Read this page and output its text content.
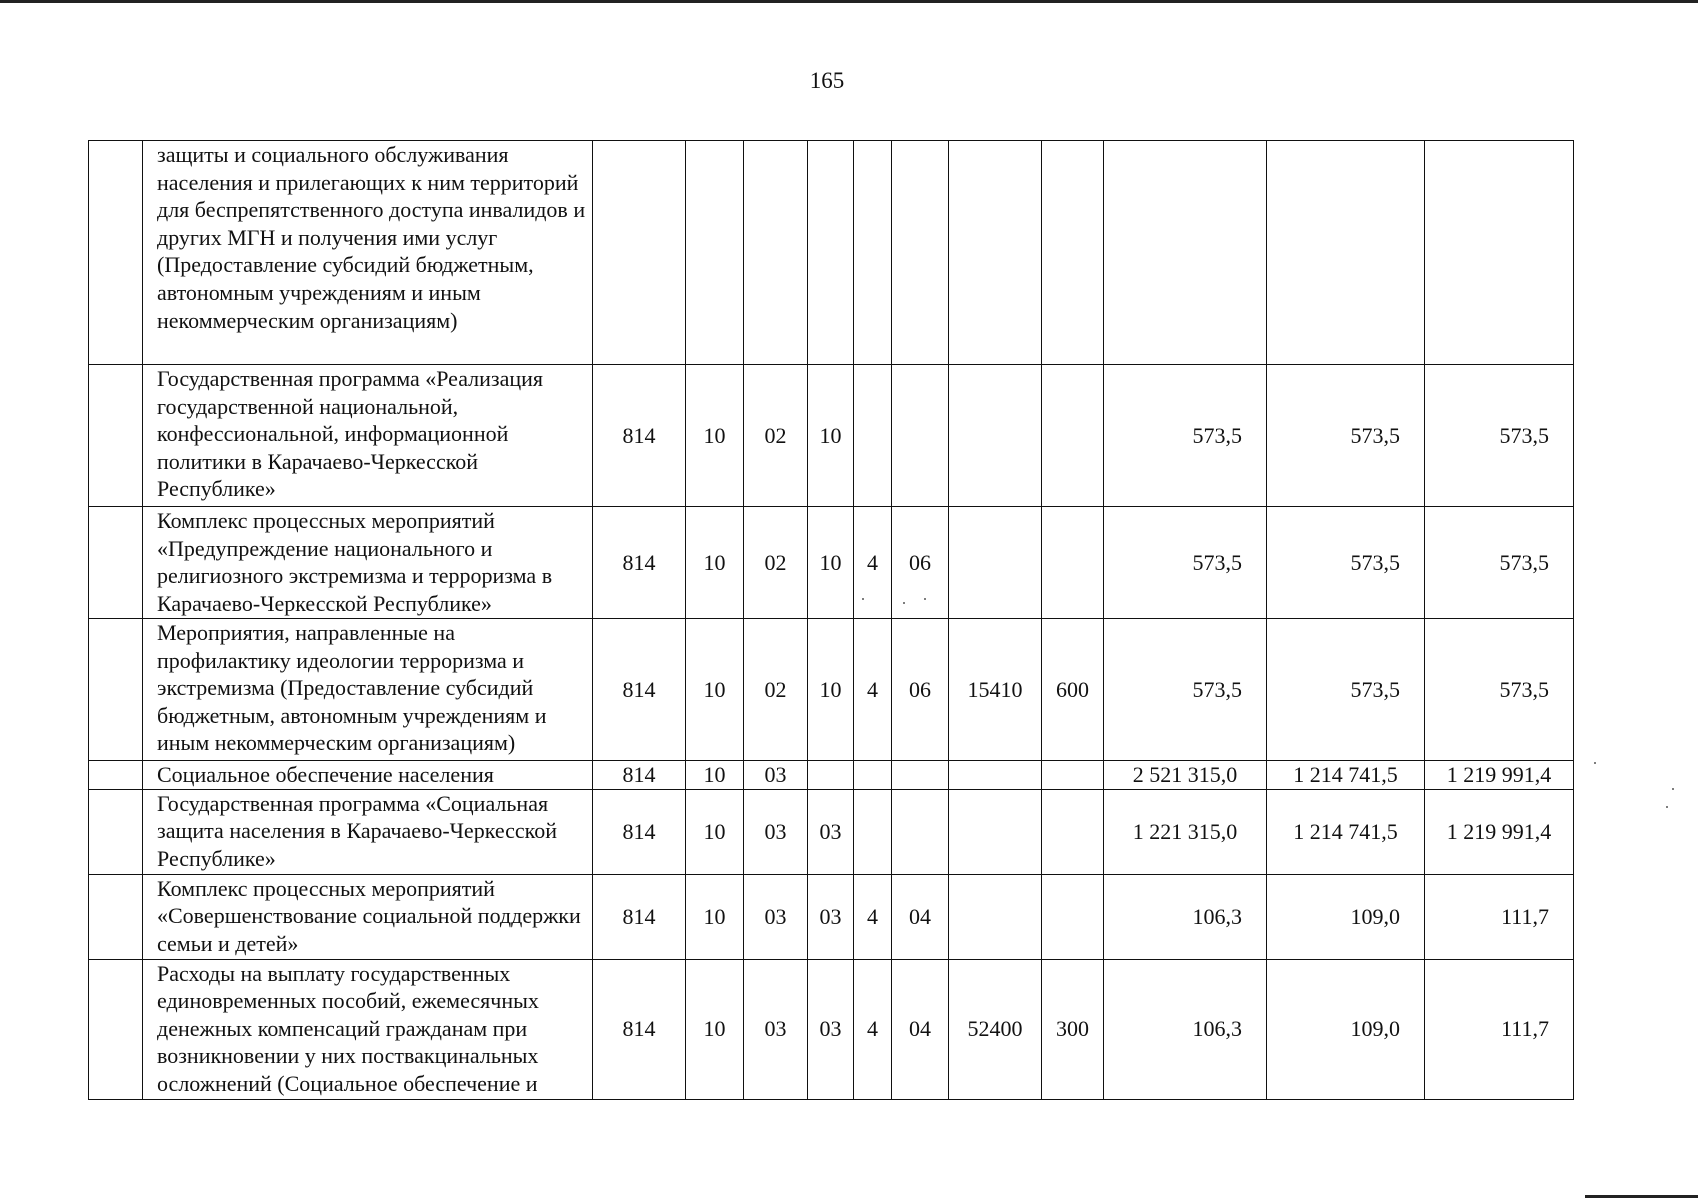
165
	защиты и социального обслуживания населения и прилегающих к ним территорий для беспрепятственного доступа инвалидов и других МГН и получения ими услуг (Предоставление субсидий бюджетным, автономным учреждениям и иным некоммерческим организациям)											
	Государственная программа «Реализация государственной национальной, конфессиональной, информационной политики в Карачаево-Черкесской Республике»	814	10	02	10					573,5	573,5	573,5
	Комплекс процессных мероприятий «Предупреждение национального и религиозного экстремизма и терроризма в Карачаево-Черкесской Республике»	814	10	02	10	4	06			573,5	573,5	573,5
	Мероприятия, направленные на профилактику идеологии терроризма и экстремизма (Предоставление субсидий бюджетным, автономным учреждениям и иным некоммерческим организациям)	814	10	02	10	4	06	15410	600	573,5	573,5	573,5
	Социальное обеспечение населения	814	10	03						2 521 315,0	1 214 741,5	1 219 991,4
	Государственная программа «Социальная защита населения в Карачаево-Черкесской Республике»	814	10	03	03					1 221 315,0	1 214 741,5	1 219 991,4
	Комплекс процессных мероприятий «Совершенствование социальной поддержки семьи и детей»	814	10	03	03	4	04			106,3	109,0	111,7
	Расходы на выплату государственных единовременных пособий, ежемесячных денежных компенсаций гражданам при возникновении у них поствакцинальных осложнений (Социальное обеспечение и	814	10	03	03	4	04	52400	300	106,3	109,0	111,7
